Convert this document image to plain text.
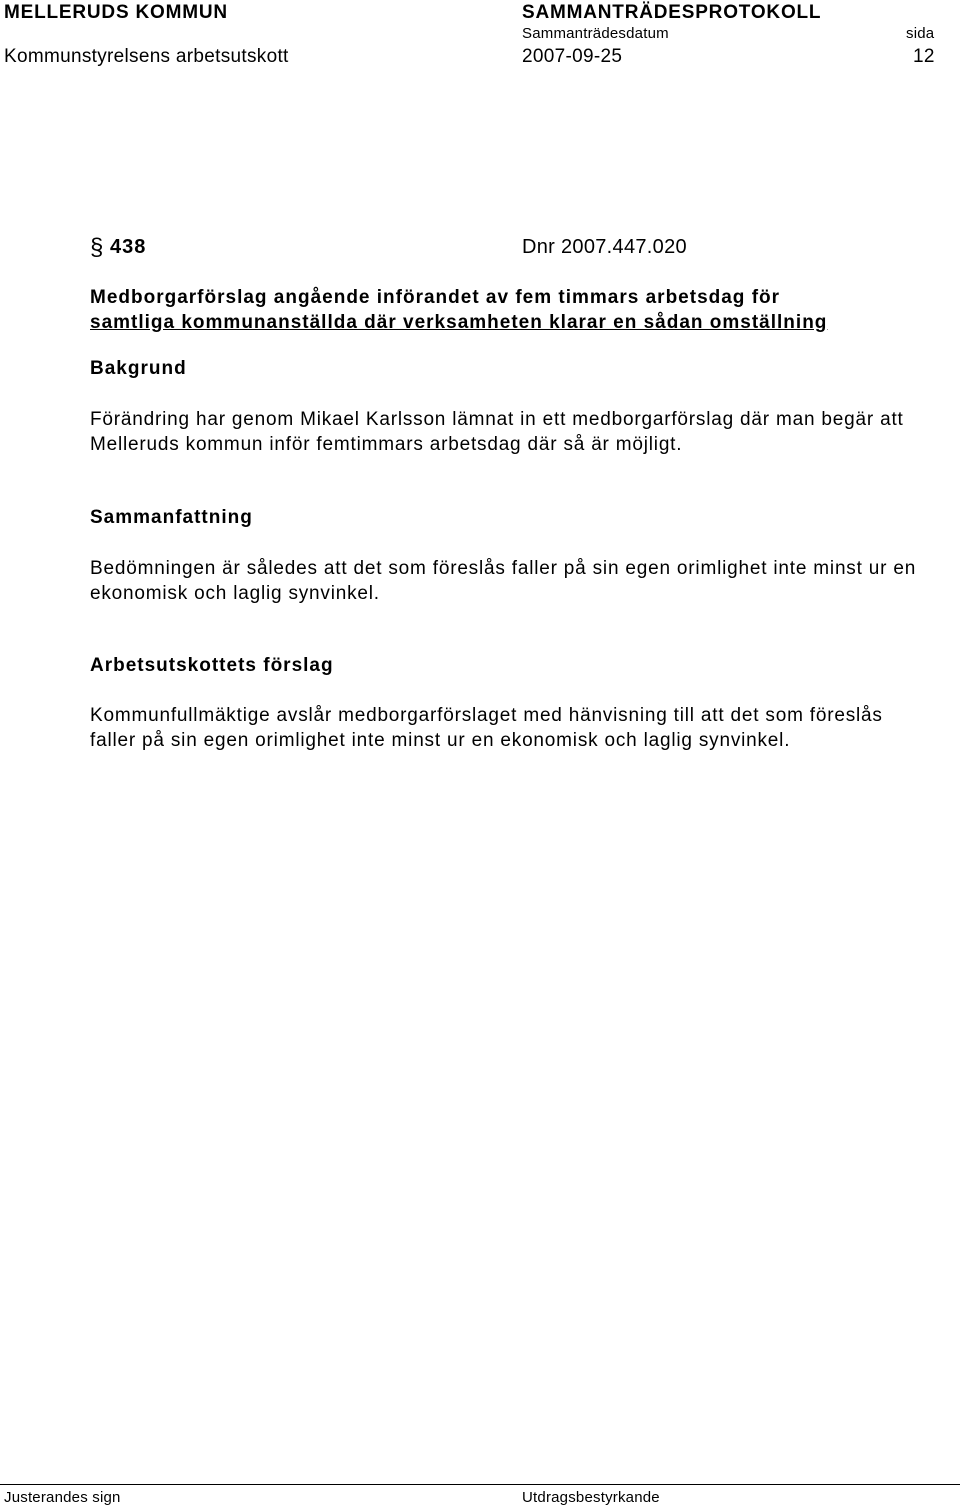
MELLERUDS KOMMUN	SAMMANTRÄDESPROTOKOLL
Sammanträdesdatum	sida
Kommunstyrelsens arbetsutskott	2007-09-25	12
§ 438	Dnr 2007.447.020
Medborgarförslag angående införandet av fem timmars arbetsdag för
samtliga kommunanställda där verksamheten klarar en sådan omställning
Bakgrund
Förändring har genom Mikael Karlsson lämnat in ett medborgarförslag där man begär att Melleruds kommun inför femtimmars arbetsdag där så är möjligt.
Sammanfattning
Bedömningen är således att det som föreslås faller på sin egen orimlighet inte minst ur en ekonomisk och laglig synvinkel.
Arbetsutskottets förslag
Kommunfullmäktige avslår medborgarförslaget med hänvisning till att det som föreslås faller på sin egen orimlighet inte minst ur en ekonomisk och laglig synvinkel.
Justerandes sign	Utdragsbestyrkande
